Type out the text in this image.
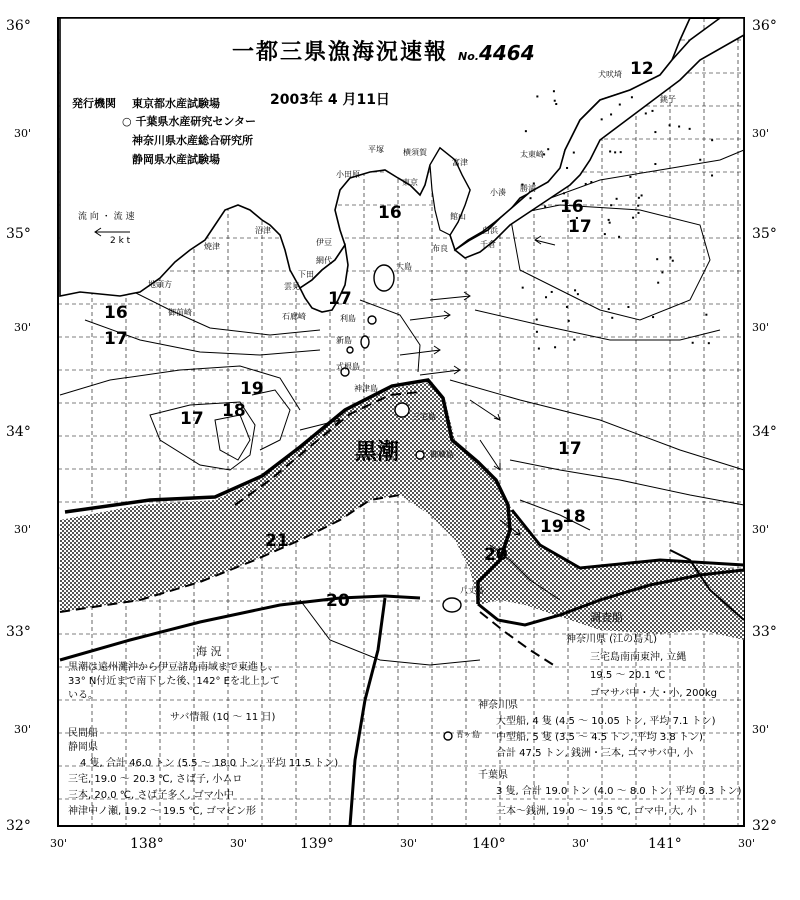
一都三県漁海況速報 No.4464
2003年 4 月11日
発行機関 東京都水産試験場
○ 千葉県水産研究センター
神奈川県水産総合研究所
静岡県水産試験場
流 向 ・ 流 速
2 k t
36°
30'
35°
30'
34°
30'
33°
30'
32°
36°
30'
35°
30'
34°
30'
33°
30'
32°
30'	138°	30'	139°	30'	140°	30'	141°	30'
黒潮
12
16	16
17
16
17
17
19
18
17
17
19
18
21
20
20
犬吠埼
平塚 横須賀
富津
小田原
東京
館山
銚子
太東崎
勝浦
小湊
白浜
御前崎
地頭方
焼津
沼津
伊豆
網代
下田
雲見
石廊崎
大島
利島
新島
式根島
神津島
三宅島
御蔵島
八丈島
青ヶ島
布良	千倉
調査船
海 況
黒潮は遠州灘沖から伊豆諸島南域まで東進し、
33° N付近まで南下した後、142° Eを北上して
いる。
サバ情報 (10 ～ 11 日)
民間船
静岡県
4 隻, 合計 46.0 トン (5.5 ～ 18.0 トン, 平均 11.5 トン)
三宅, 19.0 ～ 20.3 ℃, さば子, 小ムロ
三本, 20.0 ℃, さば子多く, ゴマ小中
神津中ノ瀬, 19.2 ～ 19.5 ℃, ゴマピン形
神奈川県
大型船, 4 隻 (4.5 ～ 10.05 トン, 平均 7.1 トン)
中型船, 5 隻 (3.5 ～ 4.5 トン, 平均 3.8 トン)
合計 47.5 トン, 銭洲・三本, ゴマサバ中, 小
千葉県
3 隻, 合計 19.0 トン (4.0 ～ 8.0 トン, 平均 6.3 トン)
三本～銭洲, 19.0 ～ 19.5 ℃, ゴマ中, 大, 小
神奈川県 (江の島丸)
三宅島南南東沖, 立縄
19.5 ～ 20.1 ℃
ゴマサバ中・大・小, 200kg
